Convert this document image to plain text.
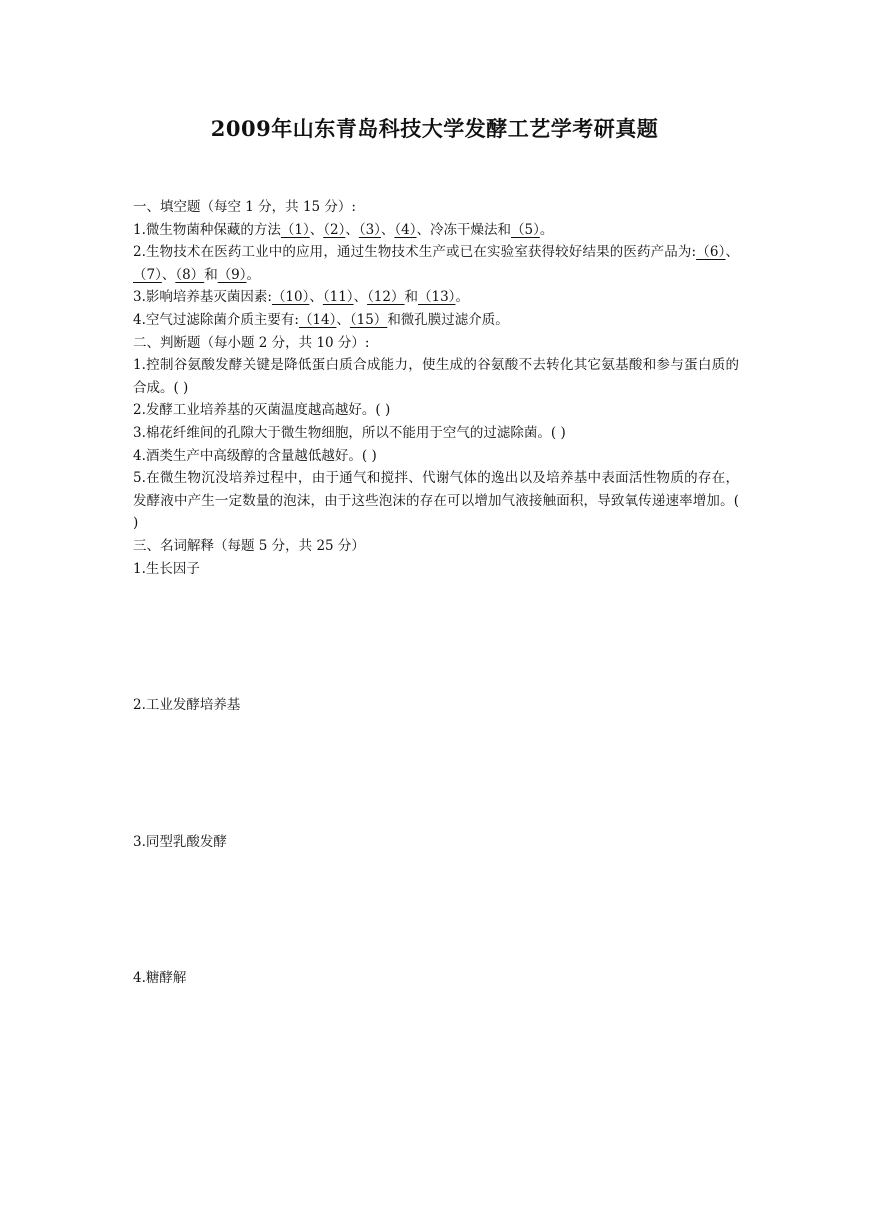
2009年山东青岛科技大学发酵工艺学考研真题
一、填空题（每空 1 分，共 15 分）:
1.微生物菌种保藏的方法（1）、（2）、（3）、（4）、冷冻干燥法和（5）。
2.生物技术在医药工业中的应用，通过生物技术生产或已在实验室获得较好结果的医药产品为:（6）、（7）、（8）和（9）。
3.影响培养基灭菌因素:（10）、（11）、（12）和（13）。
4.空气过滤除菌介质主要有:（14）、（15）和微孔膜过滤介质。
二、判断题（每小题 2 分，共 10 分）:
1.控制谷氨酸发酵关键是降低蛋白质合成能力，使生成的谷氨酸不去转化其它氨基酸和参与蛋白质的合成。( )
2.发酵工业培养基的灭菌温度越高越好。( )
3.棉花纤维间的孔隙大于微生物细胞，所以不能用于空气的过滤除菌。( )
4.酒类生产中高级醇的含量越低越好。( )
5.在微生物沉没培养过程中，由于通气和搅拌、代谢气体的逸出以及培养基中表面活性物质的存在，发酵液中产生一定数量的泡沫，由于这些泡沫的存在可以增加气液接触面积，导致氧传递速率增加。( )
三、名词解释（每题 5 分，共 25 分）
1.生长因子
2.工业发酵培养基
3.同型乳酸发酵
4.糖酵解
